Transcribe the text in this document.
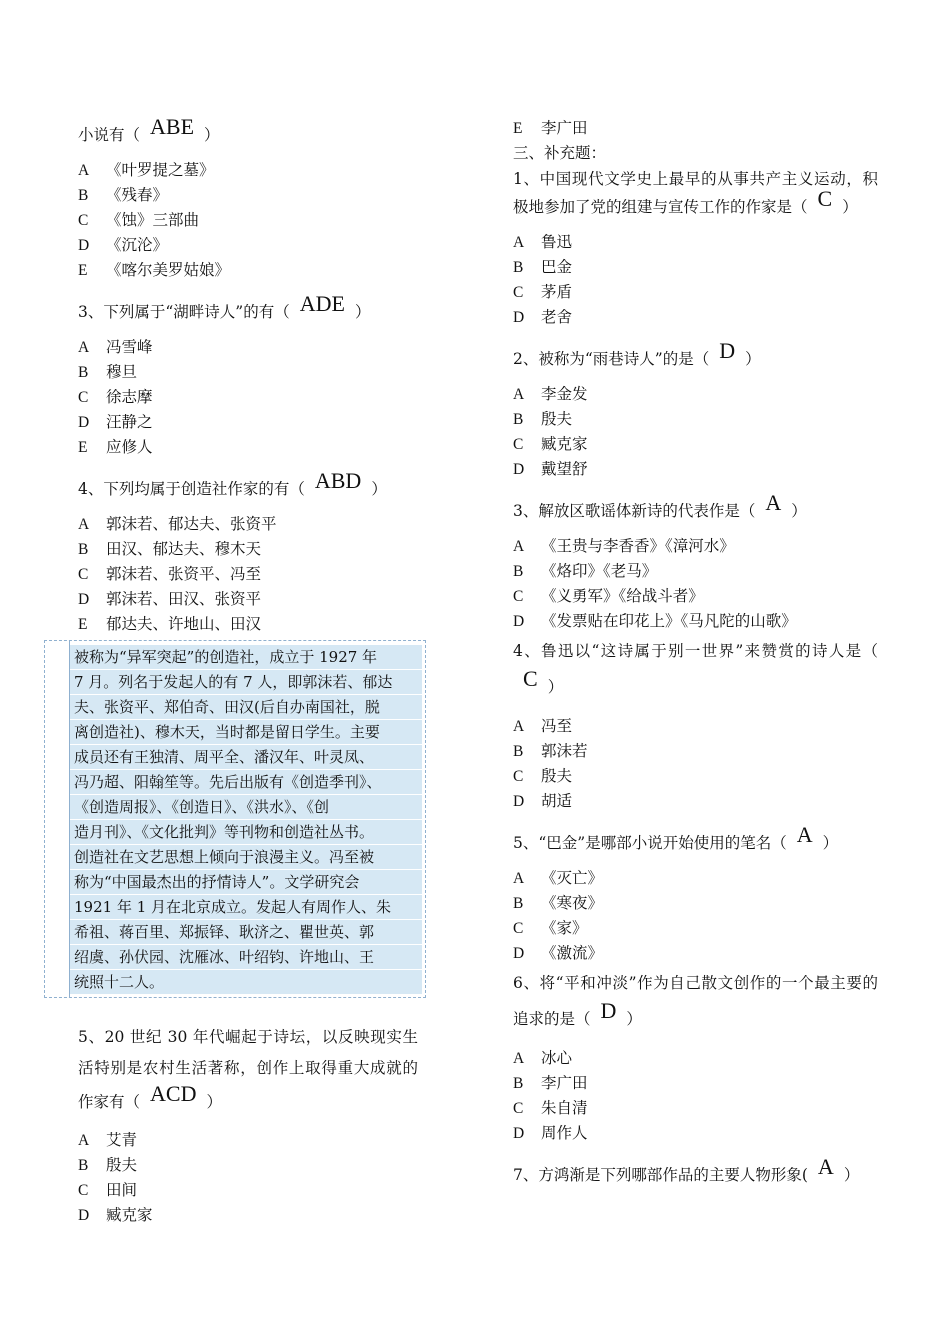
小说有（ ABE ）
A 《叶罗提之墓》
B 《残春》
C 《蚀》三部曲
D 《沉沦》
E 《喀尔美罗姑娘》
3、下列属于“湖畔诗人”的有（ ADE ）
A 冯雪峰
B 穆旦
C 徐志摩
D 汪静之
E 应修人
4、下列均属于创造社作家的有（ ABD ）
A 郭沫若、郁达夫、张资平
B 田汉、郁达夫、穆木天
C 郭沫若、张资平、冯至
D 郭沫若、田汉、张资平
E 郁达夫、许地山、田汉
被称为“异军突起”的创造社，成立于 1927 年
7 月。列名于发起人的有 7 人，即郭沫若、郁达
夫、张资平、郑伯奇、田汉(后自办南国社，脱
离创造社)、穆木天，当时都是留日学生。主要
成员还有王独清、周平全、潘汉年、叶灵凤、
冯乃超、阳翰笙等。先后出版有《创造季刊》、
《创造周报》、《创造日》、《洪水》、《创
造月刊》、《文化批判》等刊物和创造社丛书。
创造社在文艺思想上倾向于浪漫主义。冯至被
称为“中国最杰出的抒情诗人”。文学研究会
1921 年 1 月在北京成立。发起人有周作人、朱
希祖、蒋百里、郑振铎、耿济之、瞿世英、郭
绍虞、孙伏园、沈雁冰、叶绍钧、许地山、王
统照十二人。
5、20 世纪 30 年代崛起于诗坛，以反映现实生活特别是农村生活著称，创作上取得重大成就的作家有（ ACD ）
A 艾青
B 殷夫
C 田间
D 臧克家
E 李广田
三、补充题：
1、中国现代文学史上最早的从事共产主义运动，积极地参加了党的组建与宣传工作的作家是（ C ）
A 鲁迅
B 巴金
C 茅盾
D 老舍
2、被称为“雨巷诗人”的是（ D ）
A 李金发
B 殷夫
C 臧克家
D 戴望舒
3、解放区歌谣体新诗的代表作是（ A ）
A 《王贵与李香香》《漳河水》
B 《烙印》《老马》
C 《义勇军》《给战斗者》
D 《发票贴在印花上》《马凡陀的山歌》
4、鲁迅以“这诗属于别一世界”来赞赏的诗人是（C ）
A 冯至
B 郭沫若
C 殷夫
D 胡适
5、“巴金”是哪部小说开始使用的笔名（ A ）
A 《灭亡》
B 《寒夜》
C 《家》
D 《激流》
6、将“平和冲淡”作为自己散文创作的一个最主要的追求的是（ D ）
A 冰心
B 李广田
C 朱自清
D 周作人
7、方鸿渐是下列哪部作品的主要人物形象( A ）
